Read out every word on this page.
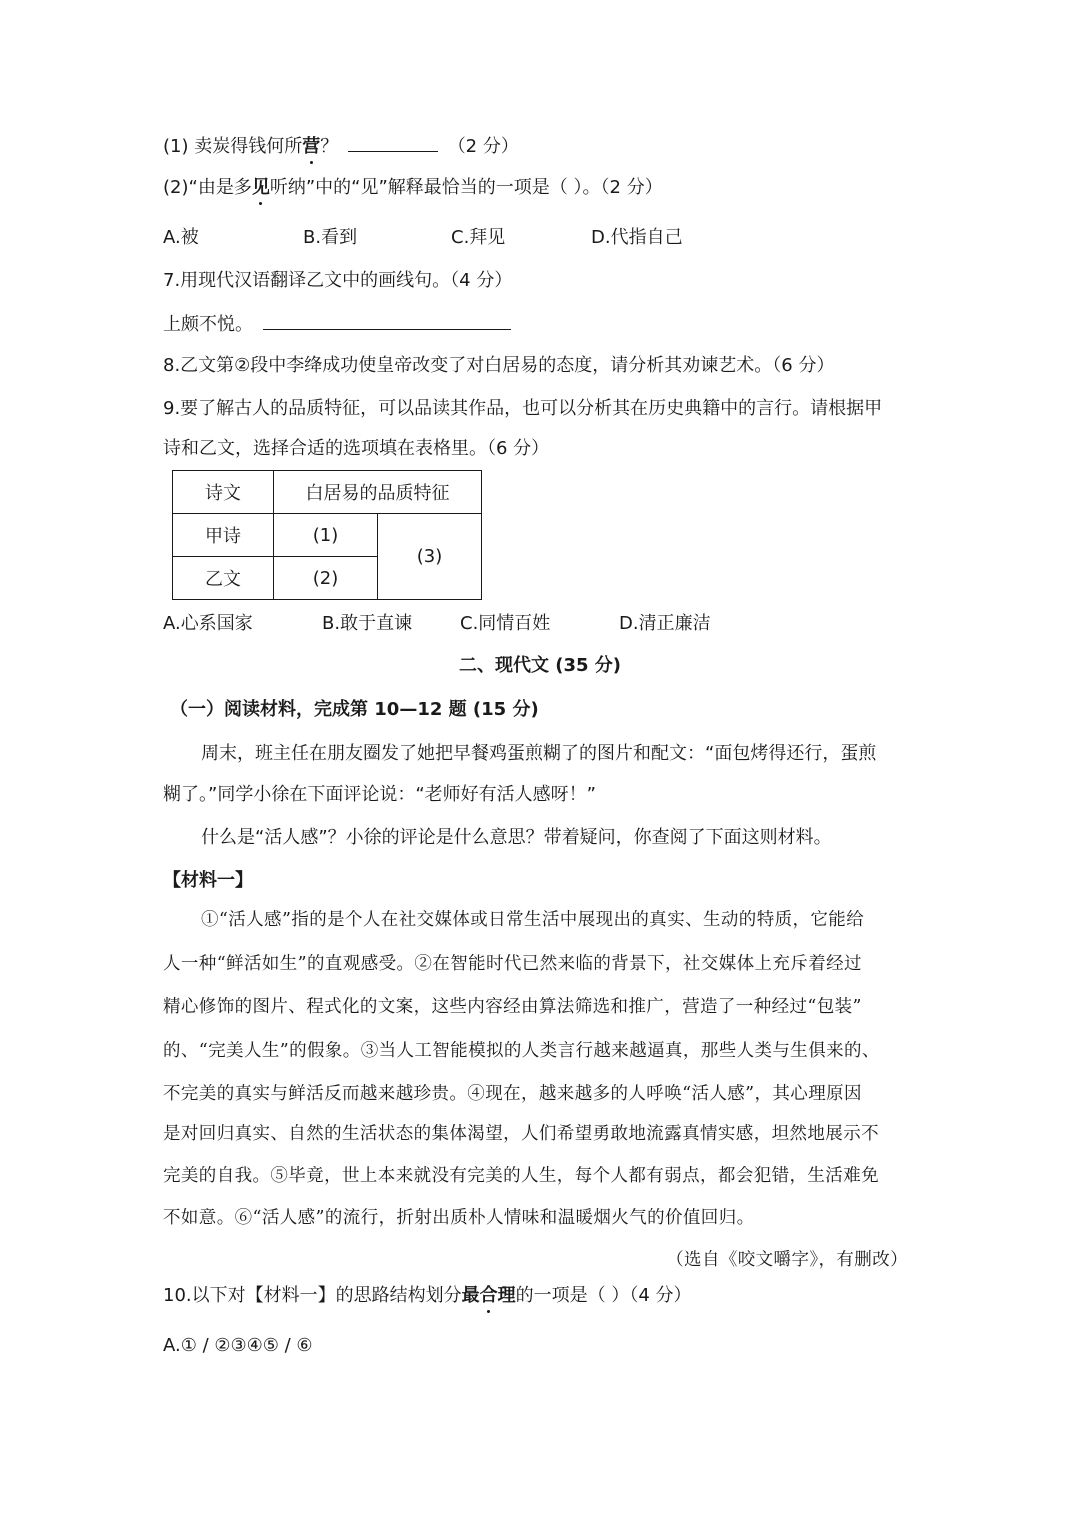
(1) 卖炭得钱何所营？	（2 分）
(2)“由是多见听纳”中的“见”解释最恰当的一项是（ ）。（2 分）
A.被	B.看到	C.拜见	D.代指自己
7.用现代汉语翻译乙文中的画线句。（4 分）
上颇不悦。
8.乙文第②段中李绛成功使皇帝改变了对白居易的态度，请分析其劝谏艺术。（6 分）
9.要了解古人的品质特征，可以品读其作品，也可以分析其在历史典籍中的言行。请根据甲
诗和乙文，选择合适的选项填在表格里。（6 分）
诗文	白居易的品质特征	
甲诗	(1)	(3)
乙文	(2)	
A.心系国家	B.敢于直谏	C.同情百姓	D.清正廉洁
二、现代文 (35 分)
（一）阅读材料，完成第 10—12 题 (15 分)
周末，班主任在朋友圈发了她把早餐鸡蛋煎糊了的图片和配文：“面包烤得还行，蛋煎
糊了。”同学小徐在下面评论说：“老师好有活人感呀！”
什么是“活人感”？小徐的评论是什么意思？带着疑问，你查阅了下面这则材料。
【材料一】
①“活人感”指的是个人在社交媒体或日常生活中展现出的真实、生动的特质，它能给
人一种“鲜活如生”的直观感受。②在智能时代已然来临的背景下，社交媒体上充斥着经过
精心修饰的图片、程式化的文案，这些内容经由算法筛选和推广，营造了一种经过“包装”
的、“完美人生”的假象。③当人工智能模拟的人类言行越来越逼真，那些人类与生俱来的、
不完美的真实与鲜活反而越来越珍贵。④现在，越来越多的人呼唤“活人感”，其心理原因
是对回归真实、自然的生活状态的集体渴望，人们希望勇敢地流露真情实感，坦然地展示不
完美的自我。⑤毕竟，世上本来就没有完美的人生，每个人都有弱点，都会犯错，生活难免
不如意。⑥“活人感”的流行，折射出质朴人情味和温暖烟火气的价值回归。
（选自《咬文嚼字》，有删改）
10.以下对【材料一】的思路结构划分最合理的一项是（ ）（4 分）
A.① / ②③④⑤ / ⑥
